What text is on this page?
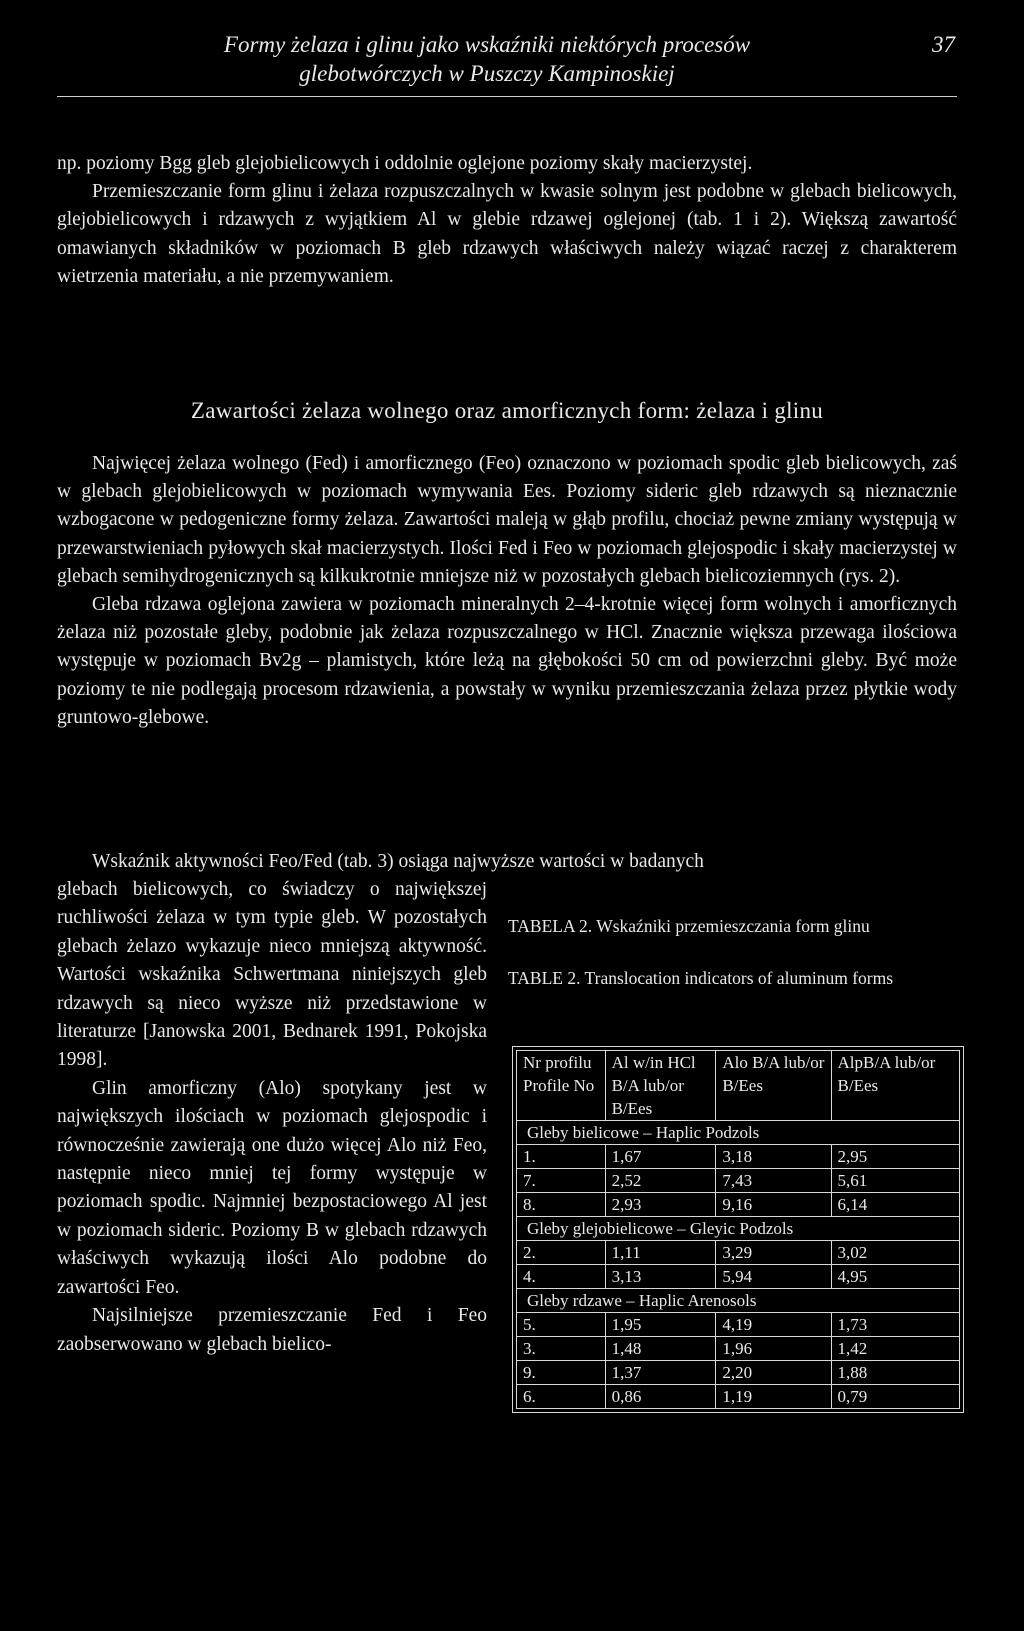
Formy żelaza i glinu jako wskaźniki niektórych procesów
glebotwórczych w Puszczy Kampinoskiej
37

np. poziomy Bgg gleb glejobielicowych i oddolnie oglejone poziomy skały macierzystej.

Przemieszczanie form glinu i żelaza rozpuszczalnych w kwasie solnym jest podobne w glebach bielicowych, glejobielicowych i rdzawych z wyjątkiem Al w glebie rdzawej oglejonej (tab. 1 i 2). Większą zawartość omawianych składników w poziomach B gleb rdzawych właściwych należy wiązać raczej z charakterem wietrzenia materiału, a nie przemywaniem.

Zawartości żelaza wolnego oraz amorficznych form: żelaza i glinu

Najwięcej żelaza wolnego (Fed) i amorficznego (Feo) oznaczono w poziomach spodic gleb bielicowych, zaś w glebach glejobielicowych w poziomach wymywania Ees. Poziomy sideric gleb rdzawych są nieznacznie wzbogacone w pedogeniczne formy żelaza. Zawartości maleją w głąb profilu, chociaż pewne zmiany występują w przewarstwieniach pyłowych skał macierzystych. Ilości Fed i Feo w poziomach glejospodic i skały macierzystej w glebach semihydrogenicznych są kilkukrotnie mniejsze niż w pozostałych glebach bielicoziemnych (rys. 2).

Gleba rdzawa oglejona zawiera w poziomach mineralnych 2–4-krotnie więcej form wolnych i amorficznych żelaza niż pozostałe gleby, podobnie jak żelaza rozpuszczalnego w HCl. Znacznie większa przewaga ilościowa występuje w poziomach Bv2g – plamistych, które leżą na głębokości 50 cm od powierzchni gleby. Być może poziomy te nie podlegają procesom rdzawienia, a powstały w wyniku przemieszczania żelaza przez płytkie wody gruntowo-glebowe.

Wskaźnik aktywności Feo/Fed (tab. 3) osiąga najwyższe wartości w badanych

glebach bielicowych, co świadczy o największej ruchliwości żelaza w tym typie gleb. W pozostałych glebach żelazo wykazuje nieco mniejszą aktywność. Wartości wskaźnika Schwertmana niniejszych gleb rdzawych są nieco wyższe niż przedstawione w literaturze [Janowska 2001, Bednarek 1991, Pokojska 1998].

Glin amorficzny (Alo) spotykany jest w największych ilościach w poziomach glejospodic i równocześnie zawierają one dużo więcej Alo niż Feo, następnie nieco mniej tej formy występuje w poziomach spodic. Najmniej bezpostaciowego Al jest w poziomach sideric. Poziomy B w glebach rdzawych właściwych wykazują ilości Alo podobne do zawartości Feo.

Najsilniejsze przemieszczanie Fed i Feo zaobserwowano w glebach bielico-

TABELA 2. Wskaźniki przemieszczania form glinu

TABLE 2. Translocation indicators of aluminum forms

Nr profilu Profile No	Al w/in HCl B/A lub/or B/Ees	Alo B/A lub/or B/Ees	AlpB/A lub/or B/Ees
Gleby bielicowe – Haplic Podzols			
1.	1,67	3,18	2,95
7.	2,52	7,43	5,61
8.	2,93	9,16	6,14
Gleby glejobielicowe – Gleyic Podzols			
2.	1,11	3,29	3,02
4.	3,13	5,94	4,95
Gleby rdzawe – Haplic Arenosols			
5.	1,95	4,19	1,73
3.	1,48	1,96	1,42
9.	1,37	2,20	1,88
6.	0,86	1,19	0,79
